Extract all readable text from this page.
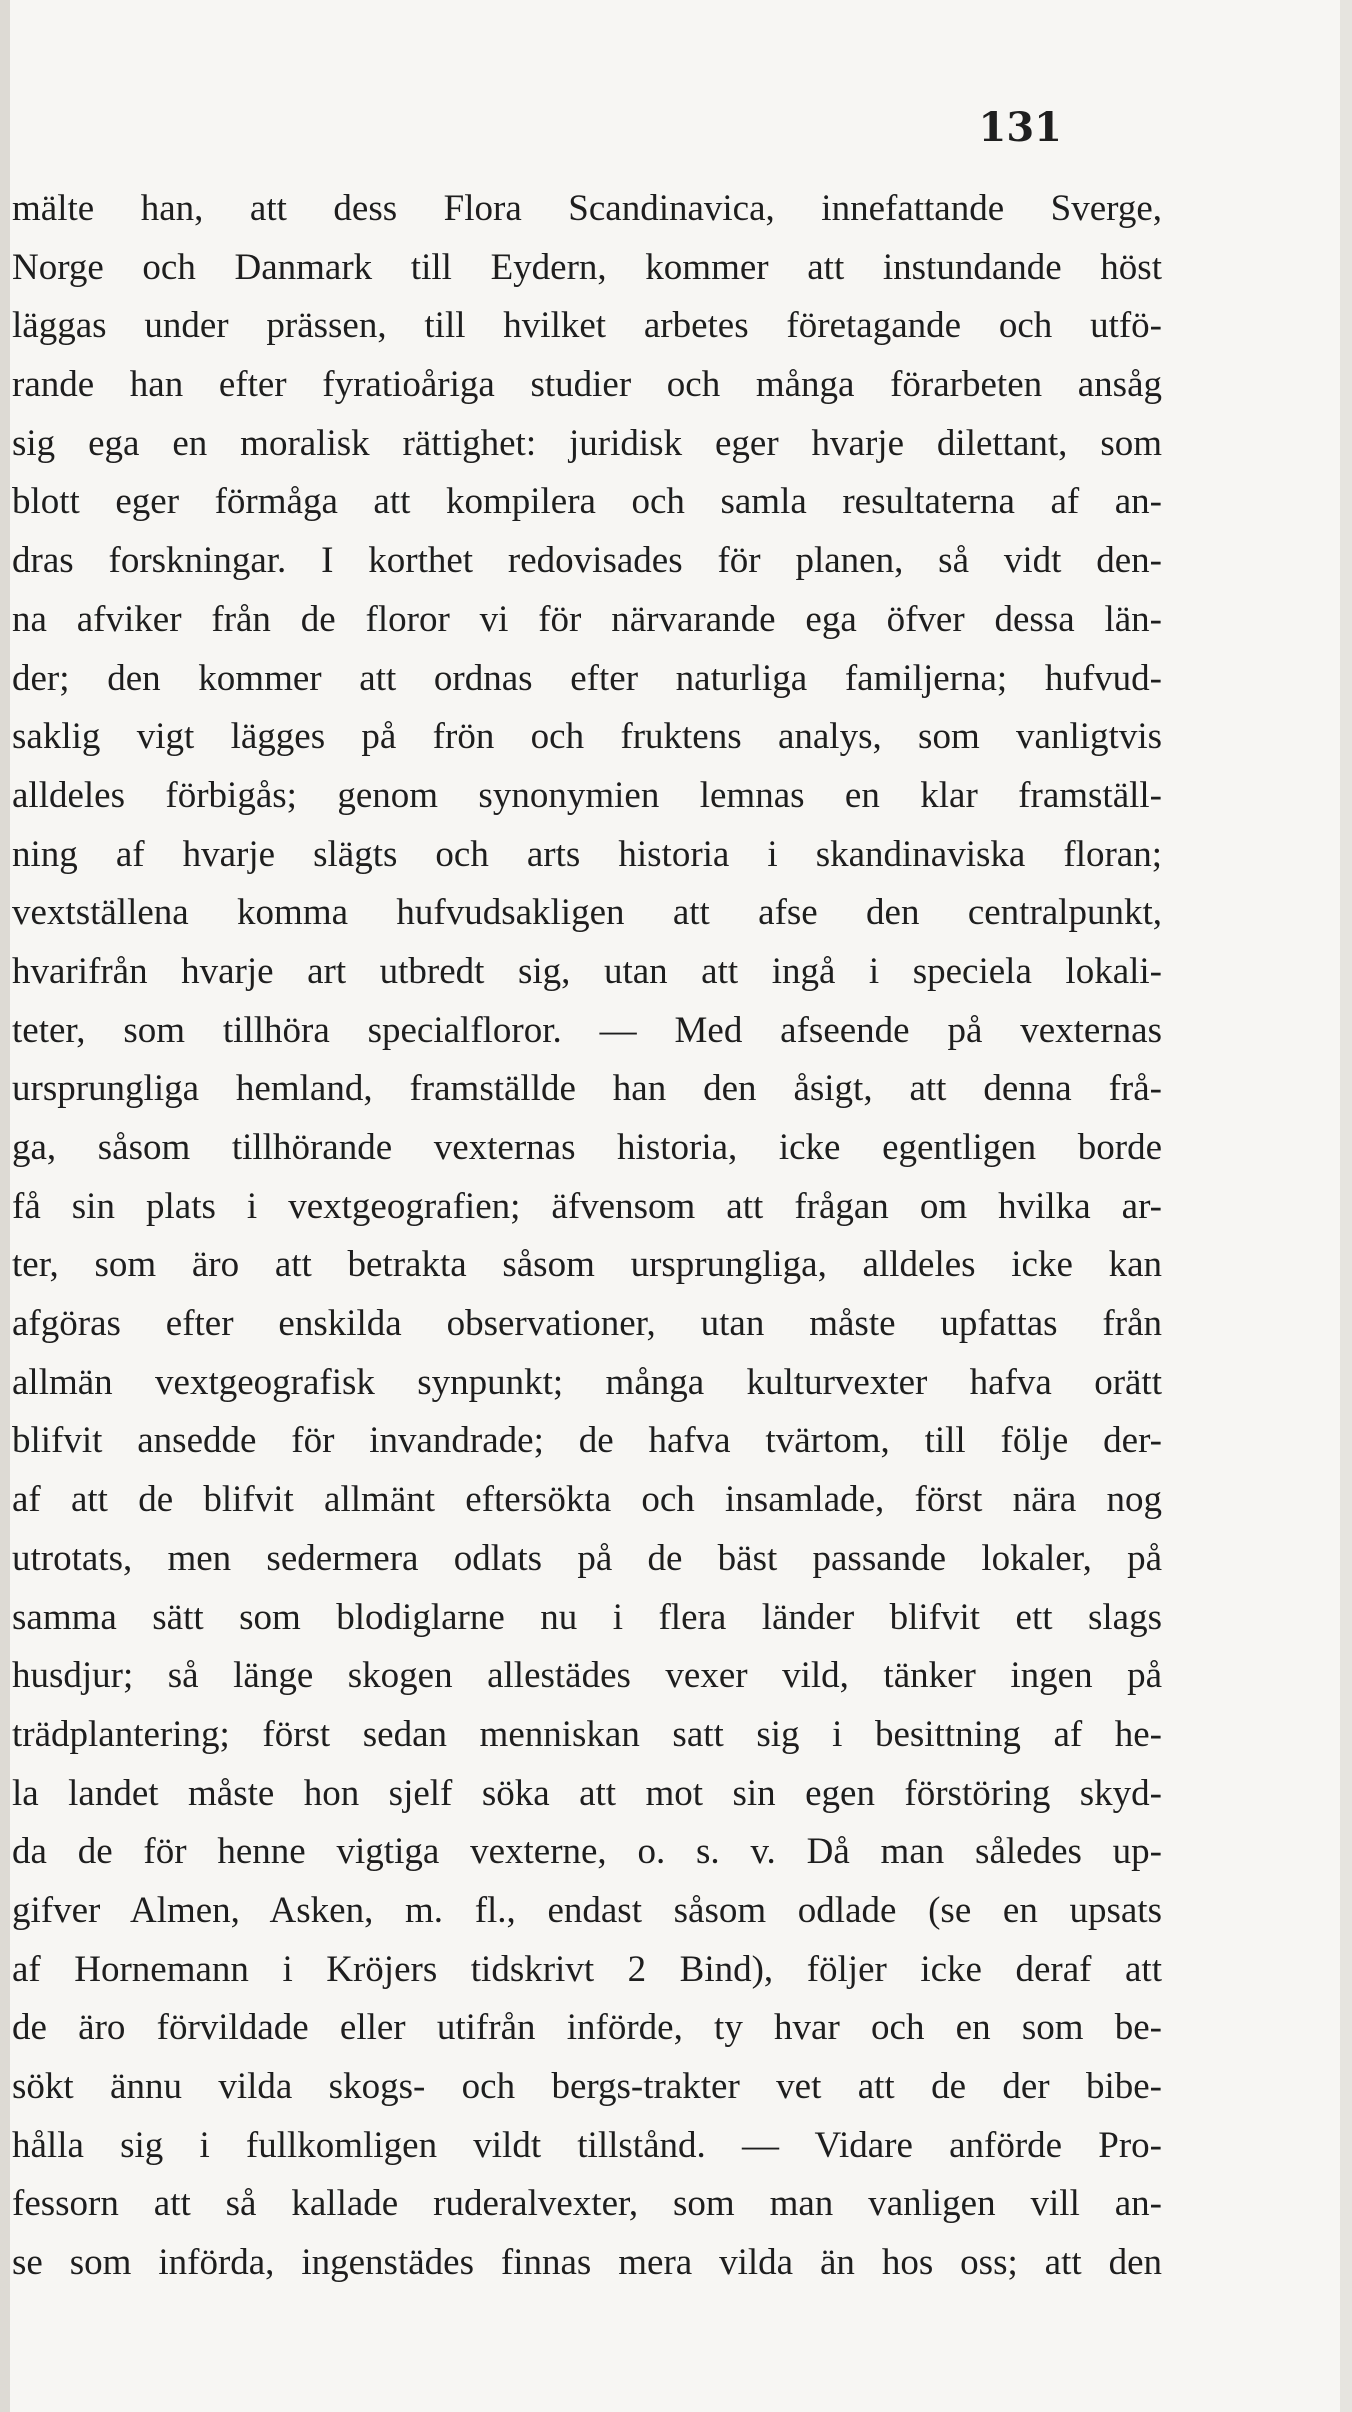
131
mälte han, att dess Flora Scandinavica, innefattande Sverge,
Norge och Danmark till Eydern, kommer att instundande höst
läggas under prässen, till hvilket arbetes företagande och utfö-
rande han efter fyratioåriga studier och många förarbeten ansåg
sig ega en moralisk rättighet: juridisk eger hvarje dilettant, som
blott eger förmåga att kompilera och samla resultaterna af an-
dras forskningar. I korthet redovisades för planen, så vidt den-
na afviker från de floror vi för närvarande ega öfver dessa län-
der; den kommer att ordnas efter naturliga familjerna; hufvud-
saklig vigt lägges på frön och fruktens analys, som vanligtvis
alldeles förbigås; genom synonymien lemnas en klar framställ-
ning af hvarje slägts och arts historia i skandinaviska floran;
vextställena komma hufvudsakligen att afse den centralpunkt,
hvarifrån hvarje art utbredt sig, utan att ingå i speciela lokali-
teter, som tillhöra specialfloror. — Med afseende på vexternas
ursprungliga hemland, framställde han den åsigt, att denna frå-
ga, såsom tillhörande vexternas historia, icke egentligen borde
få sin plats i vextgeografien; äfvensom att frågan om hvilka ar-
ter, som äro att betrakta såsom ursprungliga, alldeles icke kan
afgöras efter enskilda observationer, utan måste upfattas från
allmän vextgeografisk synpunkt; många kulturvexter hafva orätt
blifvit ansedde för invandrade; de hafva tvärtom, till följe der-
af att de blifvit allmänt eftersökta och insamlade, först nära nog
utrotats, men sedermera odlats på de bäst passande lokaler, på
samma sätt som blodiglarne nu i flera länder blifvit ett slags
husdjur; så länge skogen allestädes vexer vild, tänker ingen på
trädplantering; först sedan menniskan satt sig i besittning af he-
la landet måste hon sjelf söka att mot sin egen förstöring skyd-
da de för henne vigtiga vexterne, o. s. v. Då man således up-
gifver Almen, Asken, m. fl., endast såsom odlade (se en upsats
af Hornemann i Kröjers tidskrivt 2 Bind), följer icke deraf att
de äro förvildade eller utifrån införde, ty hvar och en som be-
sökt ännu vilda skogs- och bergs-trakter vet att de der bibe-
hålla sig i fullkomligen vildt tillstånd. — Vidare anförde Pro-
fessorn att så kallade ruderalvexter, som man vanligen vill an-
se som införda, ingenstädes finnas mera vilda än hos oss; att den
